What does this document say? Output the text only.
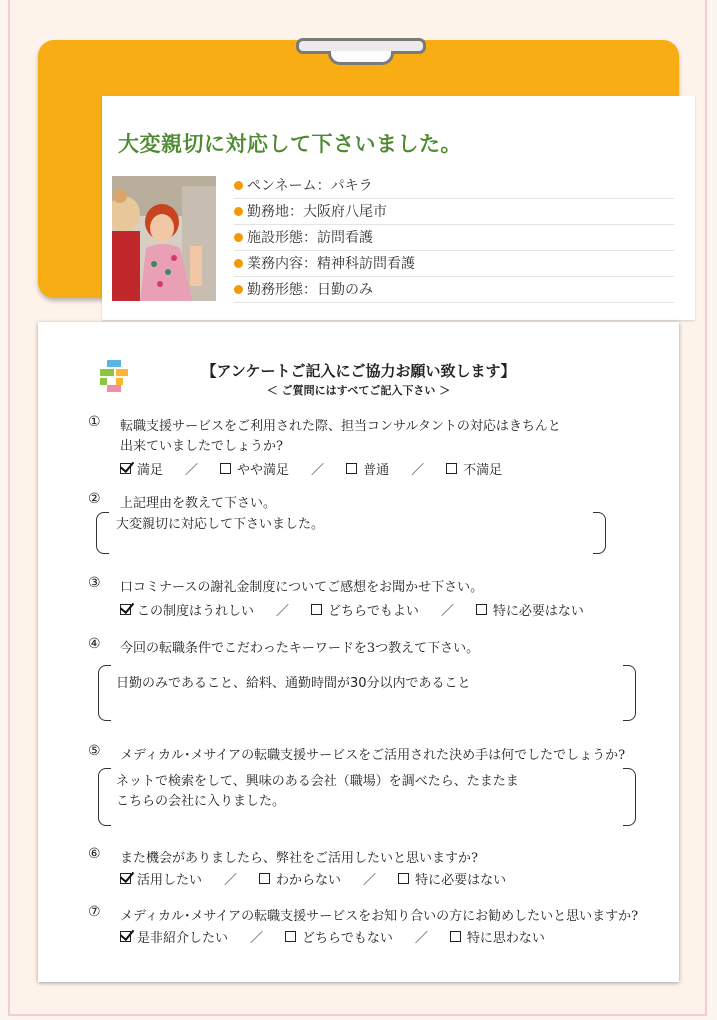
大変親切に対応して下さいました。
ペンネーム：パキラ
勤務地：大阪府八尾市
施設形態：訪問看護
業務内容：精神科訪問看護
勤務形態：日勤のみ
【アンケートご記入にご協力お願い致します】
＜ ご質問にはすべてご記入下さい ＞
① 転職支援サービスをご利用された際、担当コンサルタントの対応はきちんと
出来ていましたでしょうか?
満足 ／	やや満足 ／	普通 ／	不満足
② 上記理由を教えて下さい。
大変親切に対応して下さいました。
③ 口コミナースの謝礼金制度についてご感想をお聞かせ下さい。
この制度はうれしい ／	どちらでもよい ／	特に必要はない
④ 今回の転職条件でこだわったキーワードを3つ教えて下さい。
日勤のみであること、給料、通勤時間が30分以内であること
⑤ メディカル･メサイアの転職支援サービスをご活用された決め手は何でしたでしょうか?
ネットで検索をして、興味のある会社（職場）を調べたら、たまたま
こちらの会社に入りました。
⑥ また機会がありましたら、弊社をご活用したいと思いますか?
活用したい ／	わからない ／	特に必要はない
⑦ メディカル･メサイアの転職支援サービスをお知り合いの方にお勧めしたいと思いますか?
是非紹介したい ／	どちらでもない ／	特に思わない
